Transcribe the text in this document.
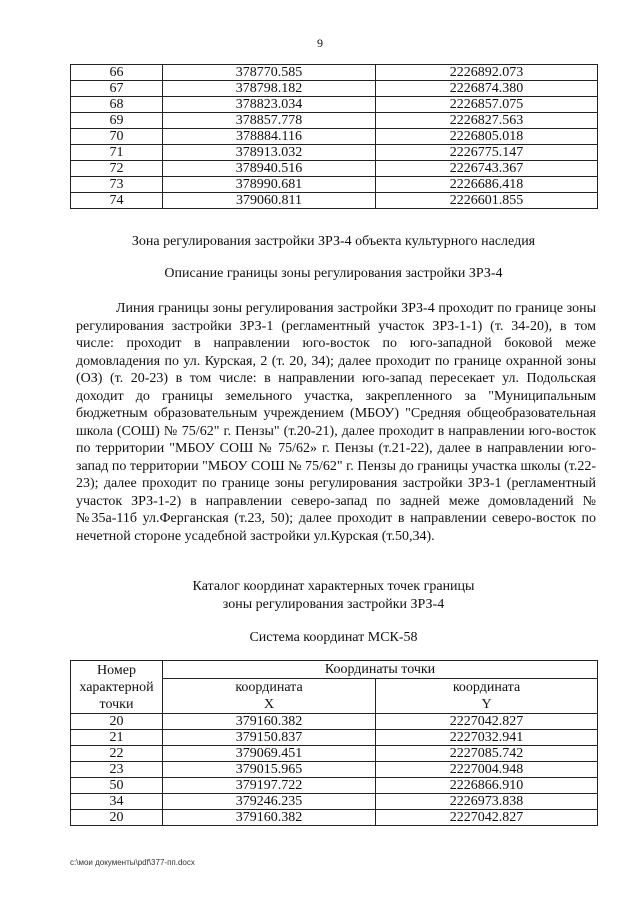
9
66	378770.585	2226892.073
67	378798.182	2226874.380
68	378823.034	2226857.075
69	378857.778	2226827.563
70	378884.116	2226805.018
71	378913.032	2226775.147
72	378940.516	2226743.367
73	378990.681	2226686.418
74	379060.811	2226601.855
Зона регулирования застройки ЗРЗ-4 объекта культурного наследия
Описание границы зоны регулирования застройки ЗРЗ-4

Линия границы зоны регулирования застройки ЗРЗ-4 проходит по границе зоны регулирования застройки ЗРЗ-1 (регламентный участок ЗРЗ-1-1) (т. 34-20), в том числе: проходит в направлении юго-восток по юго-западной боковой меже домовладения по ул. Курская, 2 (т. 20, 34); далее проходит по границе охранной зоны (ОЗ) (т. 20-23) в том числе: в направлении юго-запад пересекает ул. Подольская доходит до границы земельного участка, закрепленного за "Муниципальным бюджетным образовательным учреждением (МБОУ) "Средняя общеобразовательная школа (СОШ) № 75/62" г. Пензы" (т.20-21), далее проходит в направлении юго-восток по территории "МБОУ СОШ № 75/62» г. Пензы (т.21-22), далее в направлении юго-запад по территории "МБОУ СОШ № 75/62" г. Пензы до границы участка школы (т.22-23); далее проходит по границе зоны регулирования застройки ЗРЗ-1 (регламентный участок ЗРЗ-1-2) в направлении северо-запад по задней меже домовладений №№35а-11б ул.Ферганская (т.23, 50); далее проходит в направлении северо-восток по нечетной стороне усадебной застройки ул.Курская (т.50,34).

Каталог координат характерных точек границы
зоны регулирования застройки ЗРЗ-4
Система координат МСК-58
Номер характерной точки	Координаты точки	
	координата	координата
	X	Y
20	379160.382	2227042.827
21	379150.837	2227032.941
22	379069.451	2227085.742
23	379015.965	2227004.948
50	379197.722	2226866.910
34	379246.235	2226973.838
20	379160.382	2227042.827
c:\мои документы\pdf\377-пп.docx
